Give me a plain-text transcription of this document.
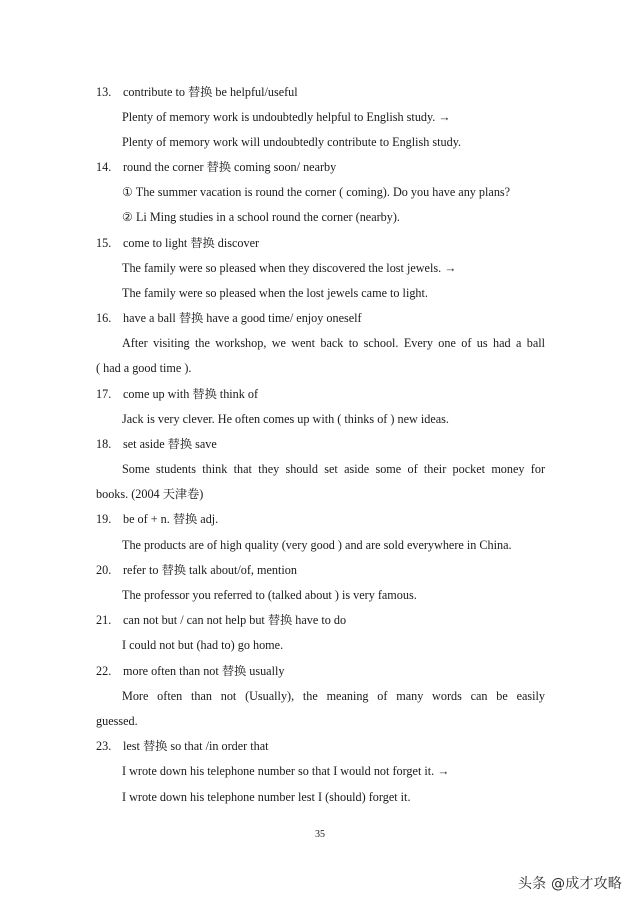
13. contribute to 替换 be helpful/useful
Plenty of memory work is undoubtedly helpful to English study. →
Plenty of memory work will undoubtedly contribute to English study.
14. round the corner 替换 coming soon/ nearby
① The summer vacation is round the corner ( coming). Do you have any plans?
② Li Ming studies in a school round the corner (nearby).
15. come to light 替换 discover
The family were so pleased when they discovered the lost jewels. →
The family were so pleased when the lost jewels came to light.
16. have a ball 替换 have a good time/ enjoy oneself
After visiting the workshop, we went back to school. Every one of us had a ball
( had a good time ).
17. come up with 替换 think of
Jack is very clever. He often comes up with ( thinks of ) new ideas.
18. set aside 替换 save
Some students think that they should set aside some of their pocket money for
books. (2004 天津卷)
19. be of + n. 替换 adj.
The products are of high quality (very good ) and are sold everywhere in China.
20. refer to 替换 talk about/of, mention
The professor you referred to (talked about ) is very famous.
21. can not but / can not help but 替换 have to do
I could not but (had to) go home.
22. more often than not 替换 usually
More often than not (Usually), the meaning of many words can be easily
guessed.
23. lest 替换 so that /in order that
I wrote down his telephone number so that I would not forget it. →
I wrote down his telephone number lest I (should) forget it.
35
头条 @成才攻略
